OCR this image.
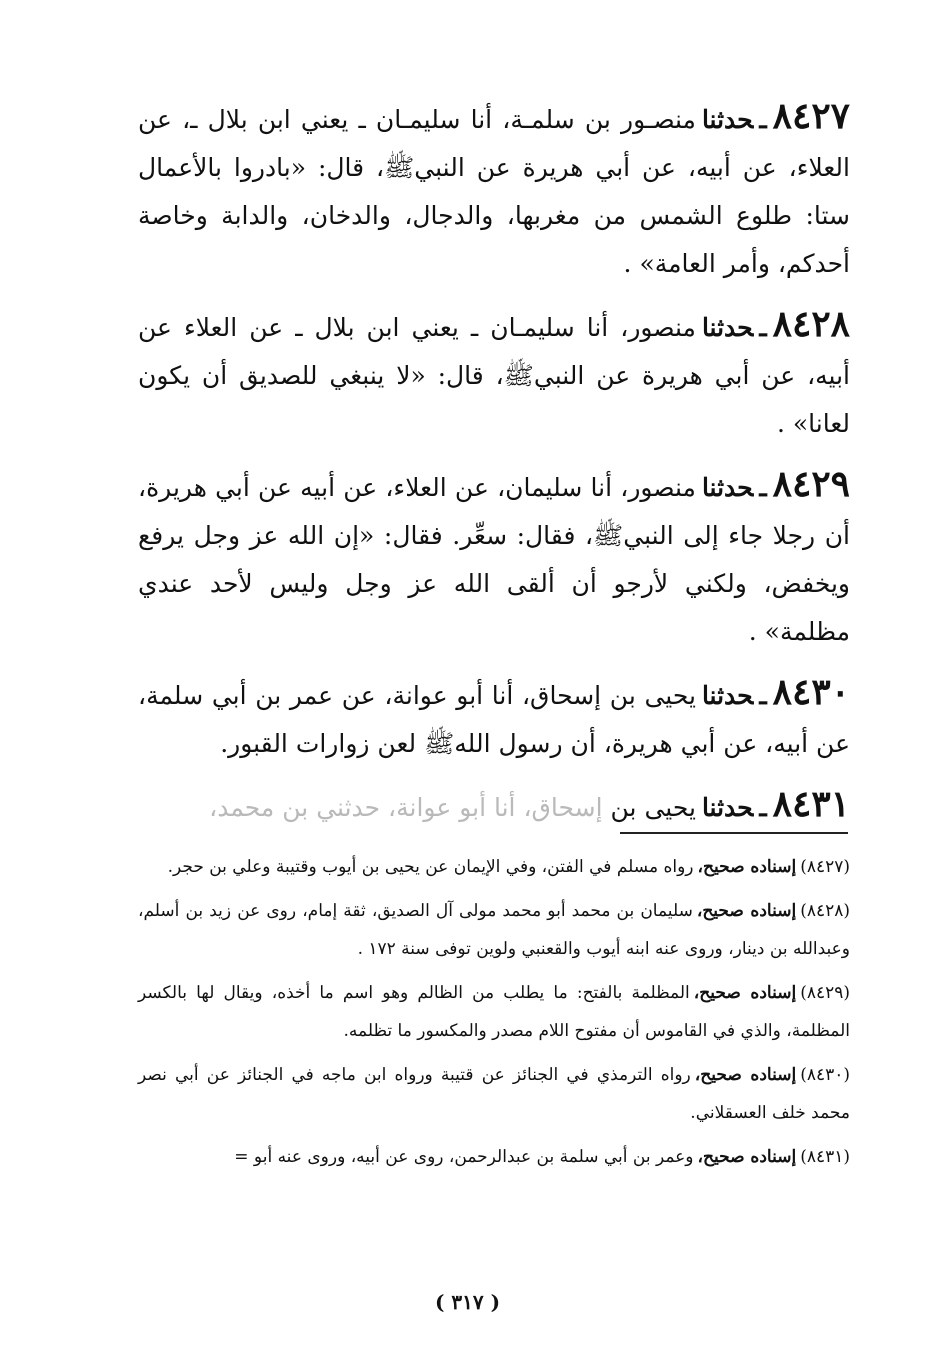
٨٤٢٧ـحدثنامنصـور بن سلمـة، أنا سليمـان ـ يعني ابن بلال ـ، عن العلاء، عن أبيه، عن أبي هريرة عن النبيﷺ، قال: «بادروا بالأعمال ستا: طلوع الشمس من مغربها، والدجال، والدخان، والدابة وخاصة أحدكم، وأمر العامة» .

٨٤٢٨ـحدثنامنصور، أنا سليمـان ـ يعني ابن بلال ـ عن العلاء عن أبيه، عن أبي هريرة عن النبيﷺ، قال: «لا ينبغي للصديق أن يكون لعانا» .

٨٤٢٩ـحدثنامنصور، أنا سليمان، عن العلاء، عن أبيه عن أبي هريرة، أن رجلا جاء إلى النبيﷺ، فقال: سعِّر. فقال: «إن الله عز وجل يرفع ويخفض، ولكني لأرجو أن ألقى الله عز وجل وليس لأحد عندي مظلمة» .

٨٤٣٠ـحدثنايحيى بن إسحاق، أنا أبو عوانة، عن عمر بن أبي سلمة، عن أبيه، عن أبي هريرة، أن رسول اللهﷺ لعن زوارات القبور.

٨٤٣١ـحدثنايحيى بن إسحاق، أنا أبو عوانة، حدثني بن محمد،

(٨٤٢٧)إسناده صحيح،رواه مسلم في الفتن، وفي الإيمان عن يحيى بن أيوب وقتيبة وعلي بن حجر.

(٨٤٢٨)إسناده صحيح،سليمان بن محمد أبو محمد مولى آل الصديق، ثقة إمام، روى عن زيد بن أسلم، وعبدالله بن دينار، وروى عنه ابنه أيوب والقعنبي ولوين توفى سنة ١٧٢ .

(٨٤٢٩)إسناده صحيح،المظلمة بالفتح: ما يطلب من الظالم وهو اسم ما أخذه، ويقال لها بالكسر المظلمة، والذي في القاموس أن مفتوح اللام مصدر والمكسور ما تظلمه.

(٨٤٣٠)إسناده صحيح،رواه الترمذي في الجنائز عن قتيبة ورواه ابن ماجه في الجنائز عن أبي نصر محمد خلف العسقلاني.

(٨٤٣١)إسناده صحيح،وعمر بن أبي سلمة بن عبدالرحمن، روى عن أبيه، وروى عنه أبو =

( ٣١٧ )
